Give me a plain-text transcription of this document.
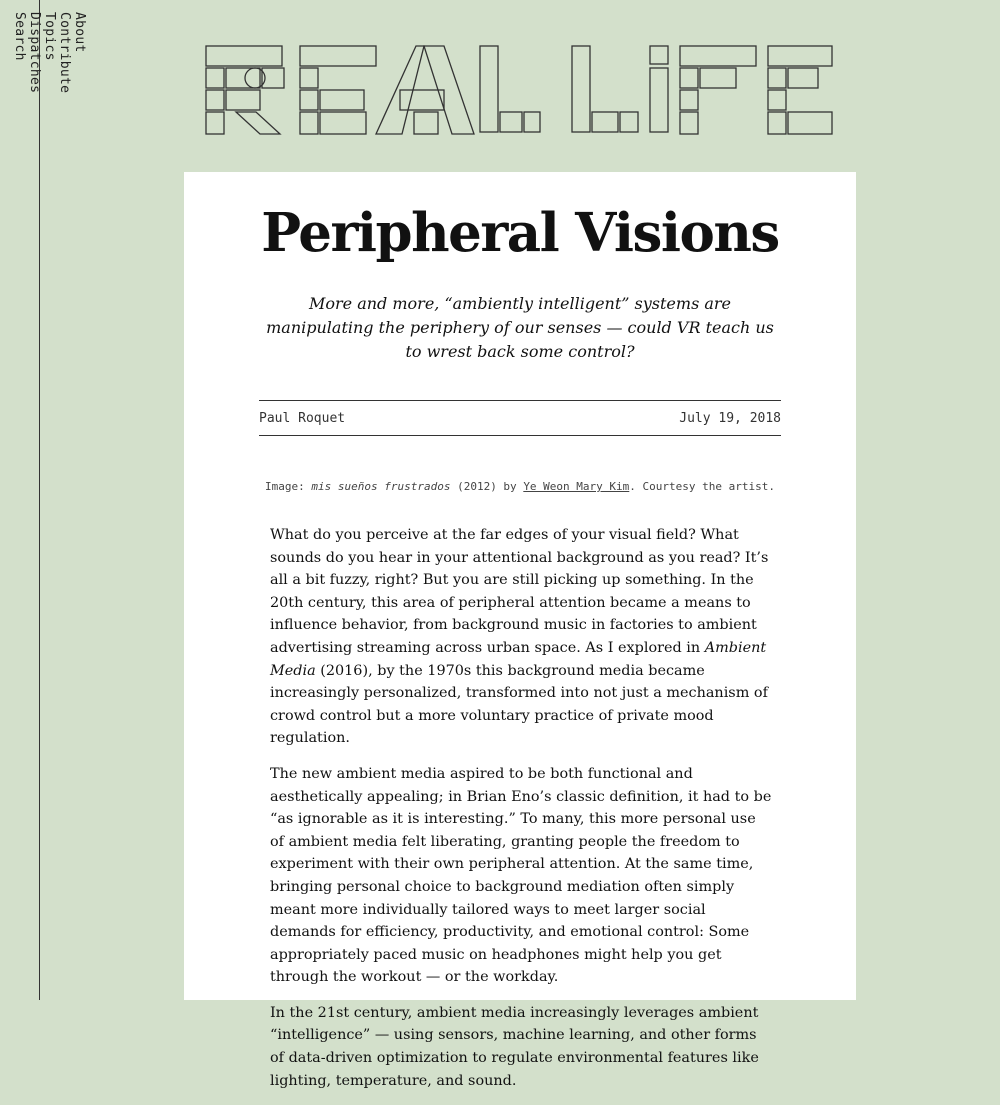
About
Contribute
Topics
Dispatches
Search
Peripheral Visions

More and more, “ambiently intelligent” systems are manipulating the periphery of our senses — could VR teach us to wrest back some control?

Paul Roquet	July 19, 2018

Image: mis sueños frustrados (2012) by Ye Weon Mary Kim. Courtesy the artist.

What do you perceive at the far edges of your visual field? What sounds do you hear in your attentional background as you read? It’s all a bit fuzzy, right? But you are still picking up something. In the 20th century, this area of peripheral attention became a means to influence behavior, from background music in factories to ambient advertising streaming across urban space. As I explored in Ambient Media (2016), by the 1970s this background media became increasingly personalized, transformed into not just a mechanism of crowd control but a more voluntary practice of private mood regulation.

The new ambient media aspired to be both functional and aesthetically appealing; in Brian Eno’s classic definition, it had to be “as ignorable as it is interesting.” To many, this more personal use of ambient media felt liberating, granting people the freedom to experiment with their own peripheral attention. At the same time, bringing personal choice to background mediation often simply meant more individually tailored ways to meet larger social demands for efficiency, productivity, and emotional control: Some appropriately paced music on headphones might help you get through the workout — or the workday.

In the 21st century, ambient media increasingly leverages ambient “intelligence” — using sensors, machine learning, and other forms of data-driven optimization to regulate environmental features like lighting, temperature, and sound.
